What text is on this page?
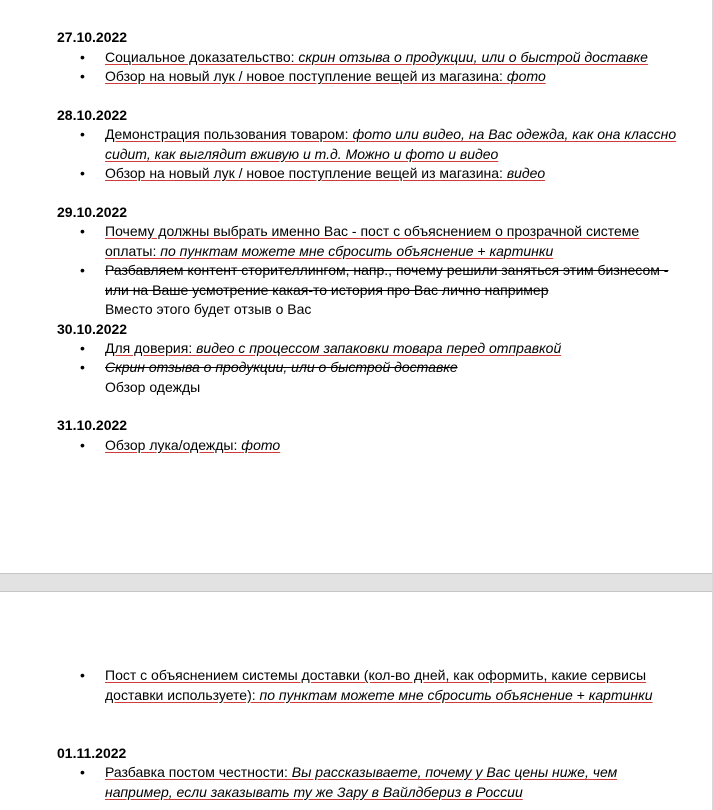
27.10.2022
•	Социальное доказательство: скрин отзыва о продукции, или о быстрой доставке
•	Обзор на новый лук / новое поступление вещей из магазина: фото
28.10.2022
•	Демонстрация пользования товаром: фото или видео, на Вас одежда, как она классно сидит, как выглядит вживую и т.д. Можно и фото и видео
•	Обзор на новый лук / новое поступление вещей из магазина: видео
29.10.2022
•	Почему должны выбрать именно Вас - пост с объяснением о прозрачной системе оплаты: по пунктам можете мне сбросить объяснение + картинки
•	Разбавляем контент сторителлингом, напр., почему решили заняться этим бизнесом - или на Ваше усмотрение какая-то история про Вас лично например
Вместо этого будет отзыв о Вас
30.10.2022
•	Для доверия: видео с процессом запаковки товара перед отправкой
•	Скрин отзыва о продукции, или о быстрой доставке
Обзор одежды
31.10.2022
•	Обзор лука/одежды: фото
•	Пост с объяснением системы доставки (кол-во дней, как оформить, какие сервисы доставки используете): по пунктам можете мне сбросить объяснение + картинки
01.11.2022
•	Разбавка постом честности: Вы рассказываете, почему у Вас цены ниже, чем например, если заказывать ту же Зару в Вайлдбериз в России
